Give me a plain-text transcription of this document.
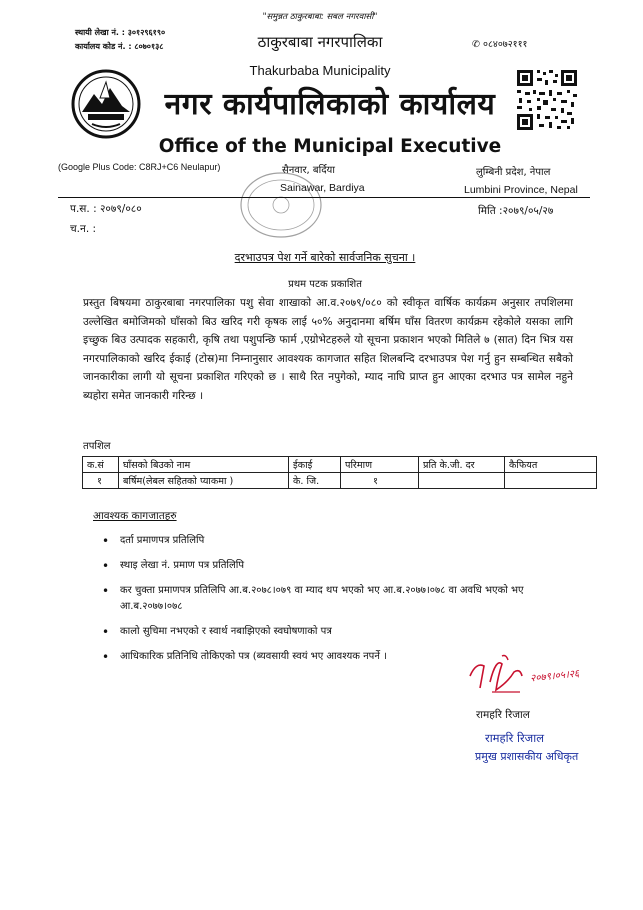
स्थायी लेखा नं. : ३०१२९६१९०
कार्यालय कोड नं. : ८०७०१३८
"समुन्नत ठाकुरबाबा: सबल नगरवासी"
ठाकुरबाबा नगरपालिका	✆ ०८४०७२१११
Thakurbaba Municipality
नगर कार्यपालिकाको कार्यालय
Office of the Municipal Executive
(Google Plus Code: C8RJ+C6 Neulapur)	सैनवार, बर्दिया
Sainawar, Bardiya
लुम्बिनी प्रदेश, नेपाल
Lumbini Province, Nepal
प.स. : २०७९/०८०
च.न. :
मिति :२०७९/०५/२७
दरभाउपत्र पेश गर्ने बारेको सार्वजनिक सुचना ।
प्रथम पटक प्रकाशित
प्रस्तुत बिषयमा ठाकुरबाबा नगरपालिका पशु सेवा शाखाको आ.व.२०७९/०८० को स्वीकृत वार्षिक कार्यक्रम अनुसार तपशिलमा उल्लेखित बमोजिमको घाँसको बिउ खरिद गरी कृषक लाई ५०% अनुदानमा बर्षिम घाँस वितरण कार्यक्रम रहेकोले यसका लागि इच्छुक बिउ उत्पादक सहकारी, कृषि तथा पशुपन्छि फार्म ,एग्रोभेटहरुले यो सूचना प्रकाशन भएको मितिले ७ (सात) दिन भित्र यस नगरपालिकाको खरिद ईकाई (टोस्र)मा निम्नानुसार आवश्यक कागजात सहित शिलबन्दि दरभाउपत्र पेश गर्नु हुन सम्बन्धित सबैको जानकारीका लागी यो सूचना प्रकाशित गरिएको छ । साथै रित नपुगेको, म्याद नाघि प्राप्त हुन आएका दरभाउ पत्र सामेल नहुने ब्यहोरा समेत जानकारी गरिन्छ ।
तपशिल
क.सं	घाँसको बिउको नाम	ईकाई	परिमाण	प्रति के.जी. दर	कैफियत
१	बर्षिम(लेबल सहितको प्याकमा )	के. जि.	१		
आवश्यक कागजातहरु
• दर्ता प्रमाणपत्र प्रतिलिपि
• स्थाइ लेखा नं. प्रमाण पत्र प्रतिलिपि
• कर चुक्ता प्रमाणपत्र प्रतिलिपि आ.ब.२०७८।०७९ वा म्याद थप भएको भए आ.ब.२०७७।०७८ वा अवधि भएको भए आ.ब.२०७७।०७८
• कालो सुचिमा नभएको र स्वार्थ नबाझिएको स्वघोषणाको पत्र
• आधिकारिक प्रतिनिधि तोकिएको पत्र (ब्यवसायी स्वयं भए आवश्यक नपर्ने ।
२०७९।०५।२६
रामहरि रिजाल
रामहरि रिजाल
प्रमुख प्रशासकीय अधिकृत
